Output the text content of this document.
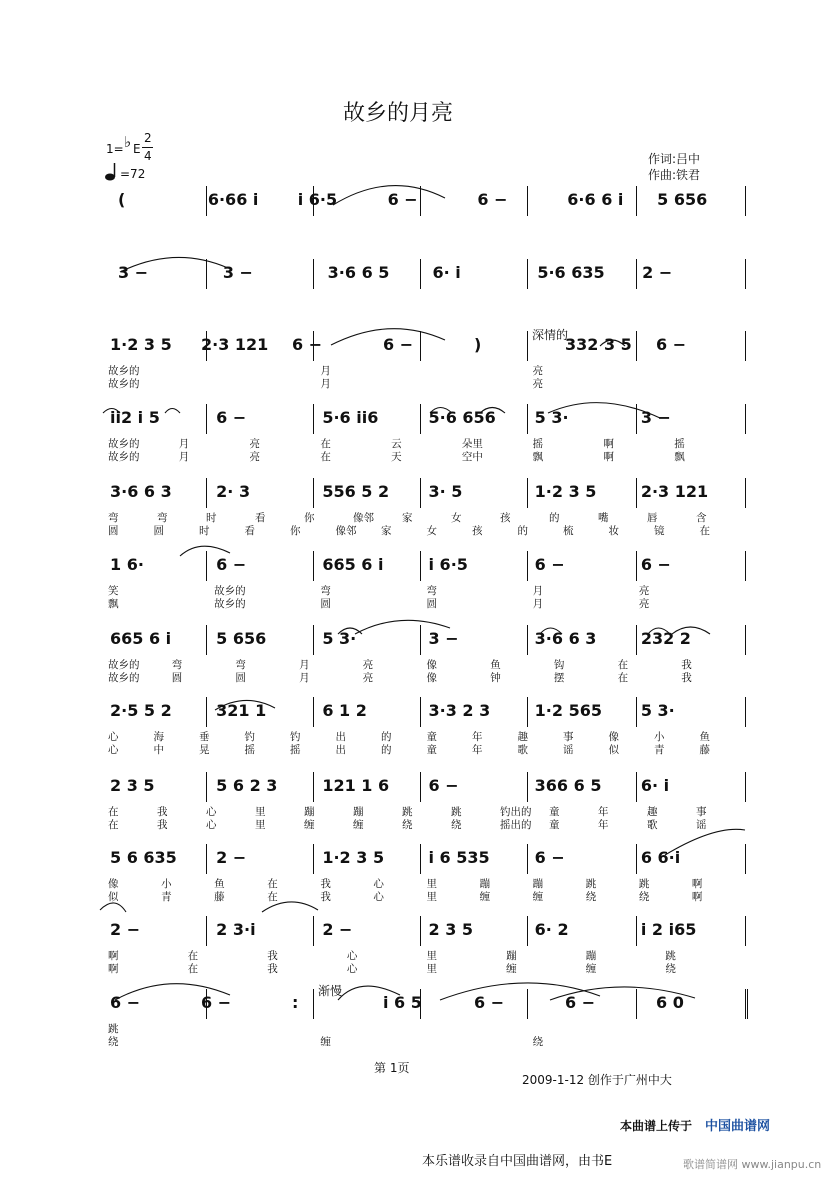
故乡的月亮
1= ♭ E
2
4
=72
作词:吕中
作曲:铁君
深情的
渐慢
(	6·66 i i 6·5	6 −	6 −	6·6 6 i 5 656
3 −	3 −	3·6 6 5	6· i	5·6 635 2 −
1·2 3 5 2·3 121 6 −	6 −	)	332 3 5 6 −
故乡的	月	亮
故乡的	月	亮
ii2 i 5	6 −	5·6 ii6	5·6 656 5 3·	3 −
故乡的	月	亮	在	云	朵里	摇	啊	摇
故乡的	月	亮	在	天	空中	飘	啊	飘
3·6 6 3	2· 3	556 5 2 3· 5	1·2 3 5	2·3 121
弯	弯	时	看	你	像邻	家	女	孩	的	嘴	唇	含
圆	圆	时	看	你	像邻 家	女	孩	的	梳	妆	镜	在
1 6·	6 −	665 6 i	i 6·5	6 −	6 −
笑	故乡的	弯	弯	月	亮
飘	故乡的	圆	圆	月	亮
665 6 i	5 656	5 3·	3 −	3·6 6 3	232 2
故乡的	弯	弯	月	亮	像	鱼	钩	在	我
故乡的	圆	圆	月	亮	像	钟	摆	在	我
2·5 5 2	321 1	6 1 2	3·3 2 3	1·2 565 5 3·
心	海	垂	钓	钓	出	的	童	年	趣	事	像	小	鱼
心	中	晃	摇	摇	出	的	童	年	歌	谣	似	青	藤
2 3 5	5 6 2 3	121 1 6 6 −	366 6 5 6· i
在	我	心	里	蹦	蹦	跳	跳	钓出的 童	年	趣	事
在	我	心	里	缠	缠	绕	绕	摇出的 童	年	歌	谣
5 6 635 2 −	1·2 3 5	i 6 535	6 −	6 6·i
像	小	鱼	在	我	心	里	蹦	蹦	跳	跳	啊
似	青	藤	在	我	心	里	缠	缠	绕	绕	啊
2 −	2 3·i	2 −	2 3 5	6· 2	i 2 i65
啊	在	我	心	里	蹦	蹦	跳
啊	在	我	心	里	缠	缠	绕
6 −	6 −	:	i 6 5	6 −	6 −	6 0
跳
绕	缠	绕
第 1页
2009-1-12 创作于广州中大
本曲谱上传于 中国曲谱网
本乐谱收录自中国曲谱网，由书E	歌谱简谱网 www.jianpu.cn
